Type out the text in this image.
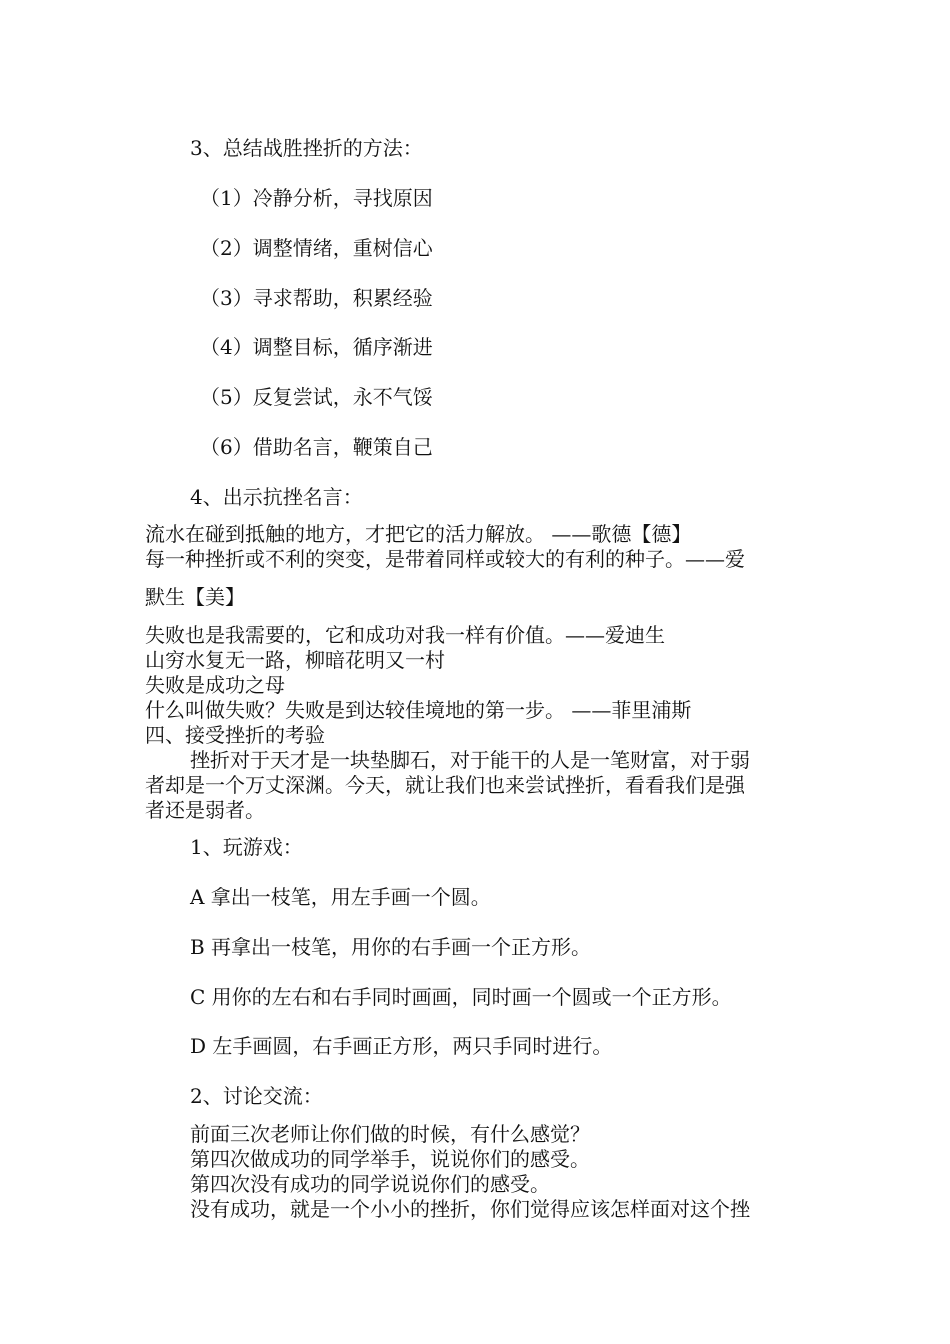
3、总结战胜挫折的方法：
（1）冷静分析，寻找原因
（2）调整情绪，重树信心
（3）寻求帮助，积累经验
（4）调整目标，循序渐进
（5）反复尝试，永不气馁
（6）借助名言，鞭策自己
4、出示抗挫名言：
流水在碰到抵触的地方，才把它的活力解放。 ——歌德【德】
每一种挫折或不利的突变，是带着同样或较大的有利的种子。——爱
默生【美】
失败也是我需要的，它和成功对我一样有价值。——爱迪生
山穷水复无一路，柳暗花明又一村
失败是成功之母
什么叫做失败？失败是到达较佳境地的第一步。 ——菲里浦斯
四、接受挫折的考验
挫折对于天才是一块垫脚石，对于能干的人是一笔财富，对于弱
者却是一个万丈深渊。今天，就让我们也来尝试挫折，看看我们是强
者还是弱者。
1、玩游戏：
A 拿出一枝笔，用左手画一个圆。
B 再拿出一枝笔，用你的右手画一个正方形。
C 用你的左右和右手同时画画，同时画一个圆或一个正方形。
D 左手画圆，右手画正方形，两只手同时进行。
2、讨论交流：
前面三次老师让你们做的时候，有什么感觉？
第四次做成功的同学举手，说说你们的感受。
第四次没有成功的同学说说你们的感受。
没有成功，就是一个小小的挫折，你们觉得应该怎样面对这个挫
